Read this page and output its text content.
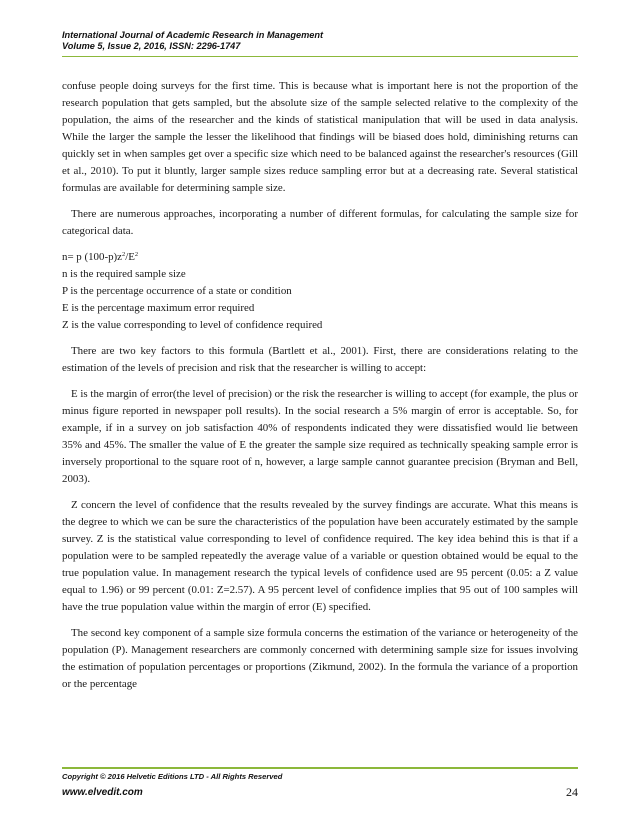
International Journal of Academic Research in Management
Volume 5, Issue 2, 2016, ISSN: 2296-1747

confuse people doing surveys for the first time. This is because what is important here is not the proportion of the research population that gets sampled, but the absolute size of the sample selected relative to the complexity of the population, the aims of the researcher and the kinds of statistical manipulation that will be used in data analysis. While the larger the sample the lesser the likelihood that findings will be biased does hold, diminishing returns can quickly set in when samples get over a specific size which need to be balanced against the researcher's resources (Gill et al., 2010). To put it bluntly, larger sample sizes reduce sampling error but at a decreasing rate. Several statistical formulas are available for determining sample size.

There are numerous approaches, incorporating a number of different formulas, for calculating the sample size for categorical data.

n= p $(100-p)z^2/E^2$
n is the required sample size
P is the percentage occurrence of a state or condition
E is the percentage maximum error required
Z is the value corresponding to level of confidence required

There are two key factors to this formula (Bartlett et al., 2001). First, there are considerations relating to the estimation of the levels of precision and risk that the researcher is willing to accept:

E is the margin of error(the level of precision) or the risk the researcher is willing to accept (for example, the plus or minus figure reported in newspaper poll results). In the social research a 5% margin of error is acceptable. So, for example, if in a survey on job satisfaction 40% of respondents indicated they were dissatisfied would lie between 35% and 45%. The smaller the value of E the greater the sample size required as technically speaking sample error is inversely proportional to the square root of n, however, a large sample cannot guarantee precision (Bryman and Bell, 2003).

Z concern the level of confidence that the results revealed by the survey findings are accurate. What this means is the degree to which we can be sure the characteristics of the population have been accurately estimated by the sample survey. Z is the statistical value corresponding to level of confidence required. The key idea behind this is that if a population were to be sampled repeatedly the average value of a variable or question obtained would be equal to the true population value. In management research the typical levels of confidence used are 95 percent (0.05: a Z value equal to 1.96) or 99 percent (0.01: Z=2.57). A 95 percent level of confidence implies that 95 out of 100 samples will have the true population value within the margin of error (E) specified.

The second key component of a sample size formula concerns the estimation of the variance or heterogeneity of the population (P). Management researchers are commonly concerned with determining sample size for issues involving the estimation of population percentages or proportions (Zikmund, 2002). In the formula the variance of a proportion or the percentage

Copyright © 2016 Helvetic Editions LTD - All Rights Reserved
www.elvedit.com	24
